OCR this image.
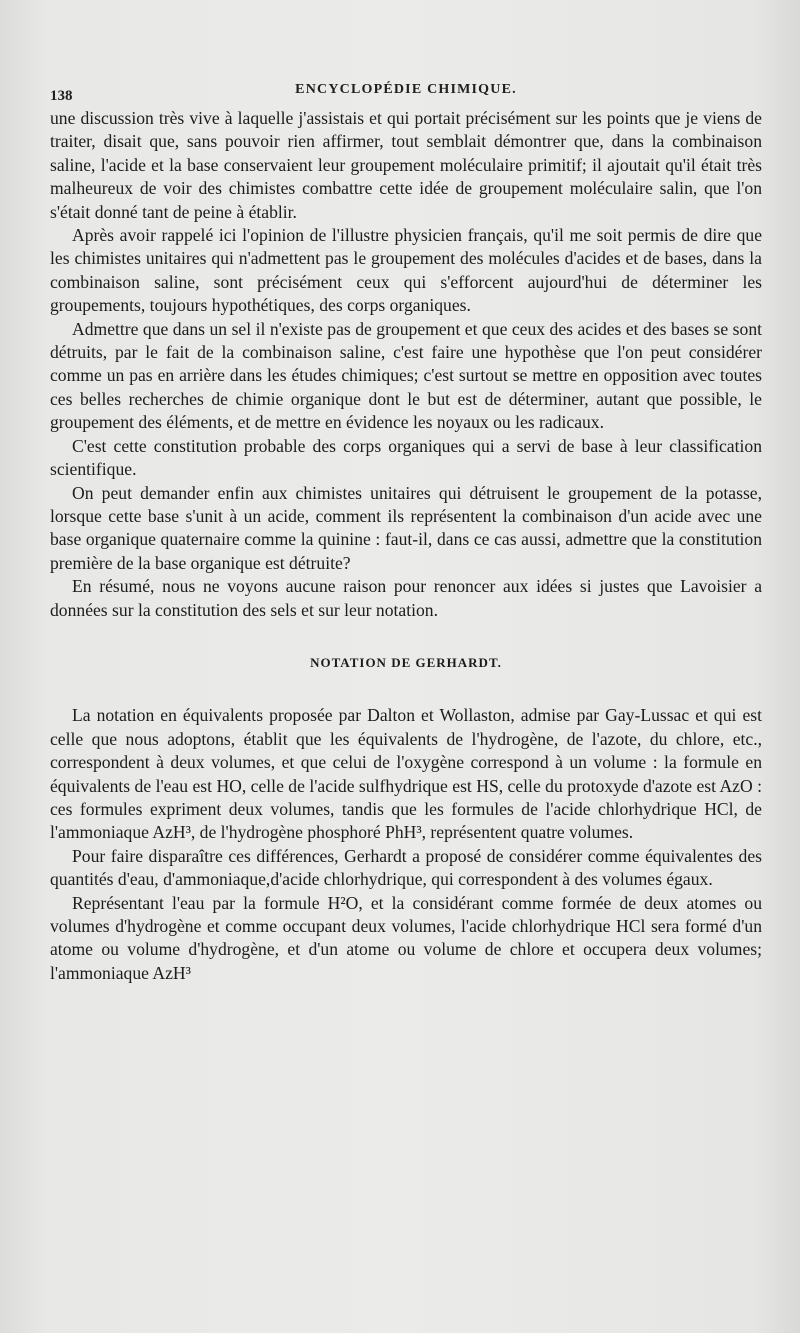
138	ENCYCLOPÉDIE CHIMIQUE.

une discussion très vive à laquelle j'assistais et qui portait précisément sur les points que je viens de traiter, disait que, sans pouvoir rien affirmer, tout semblait démontrer que, dans la combinaison saline, l'acide et la base conservaient leur groupement moléculaire primitif; il ajoutait qu'il était très malheureux de voir des chimistes combattre cette idée de groupement moléculaire salin, que l'on s'était donné tant de peine à établir.

Après avoir rappelé ici l'opinion de l'illustre physicien français, qu'il me soit permis de dire que les chimistes unitaires qui n'admettent pas le groupement des molécules d'acides et de bases, dans la combinaison saline, sont précisément ceux qui s'efforcent aujourd'hui de déterminer les groupements, toujours hypothétiques, des corps organiques.

Admettre que dans un sel il n'existe pas de groupement et que ceux des acides et des bases se sont détruits, par le fait de la combinaison saline, c'est faire une hypothèse que l'on peut considérer comme un pas en arrière dans les études chimiques; c'est surtout se mettre en opposition avec toutes ces belles recherches de chimie organique dont le but est de déterminer, autant que possible, le groupement des éléments, et de mettre en évidence les noyaux ou les radicaux.

C'est cette constitution probable des corps organiques qui a servi de base à leur classification scientifique.

On peut demander enfin aux chimistes unitaires qui détruisent le groupement de la potasse, lorsque cette base s'unit à un acide, comment ils représentent la combinaison d'un acide avec une base organique quaternaire comme la quinine : faut-il, dans ce cas aussi, admettre que la constitution première de la base organique est détruite?

En résumé, nous ne voyons aucune raison pour renoncer aux idées si justes que Lavoisier a données sur la constitution des sels et sur leur notation.

NOTATION DE GERHARDT.

La notation en équivalents proposée par Dalton et Wollaston, admise par Gay-Lussac et qui est celle que nous adoptons, établit que les équivalents de l'hydrogène, de l'azote, du chlore, etc., correspondent à deux volumes, et que celui de l'oxygène correspond à un volume : la formule en équivalents de l'eau est HO, celle de l'acide sulfhydrique est HS, celle du protoxyde d'azote est AzO : ces formules expriment deux volumes, tandis que les formules de l'acide chlorhydrique HCl, de l'ammoniaque AzH³, de l'hydrogène phosphoré PhH³, représentent quatre volumes.

Pour faire disparaître ces différences, Gerhardt a proposé de considérer comme équivalentes des quantités d'eau, d'ammoniaque,d'acide chlorhydrique, qui correspondent à des volumes égaux.

Représentant l'eau par la formule H²O, et la considérant comme formée de deux atomes ou volumes d'hydrogène et comme occupant deux volumes, l'acide chlorhydrique HCl sera formé d'un atome ou volume d'hydrogène, et d'un atome ou volume de chlore et occupera deux volumes; l'ammoniaque AzH³
